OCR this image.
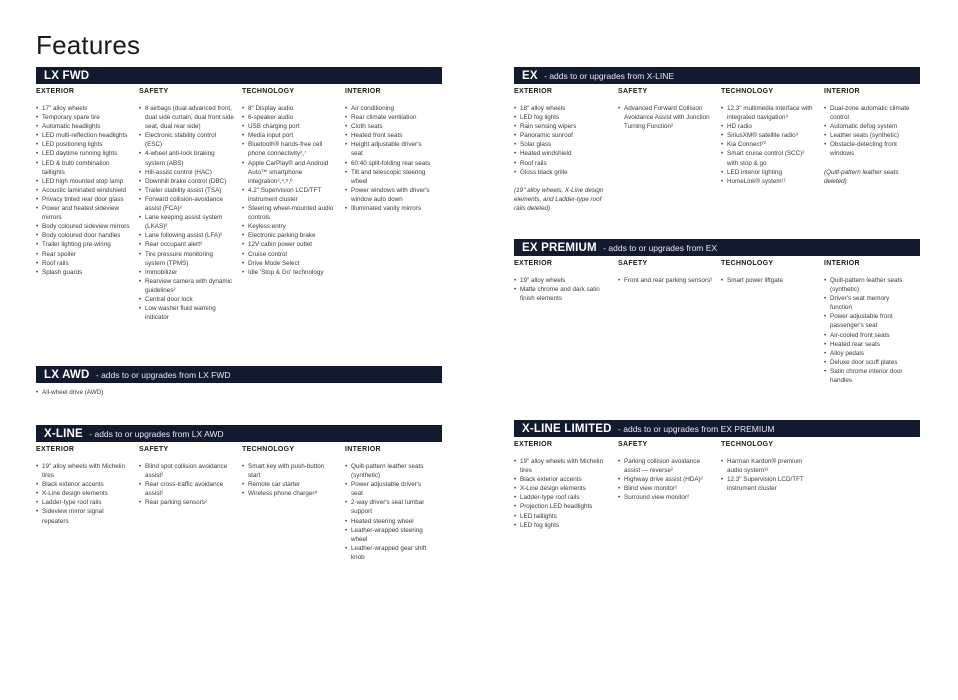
Features
LX FWD
EXTERIOR
• 17" alloy wheels
• Temporary spare tire
• Automatic headlights
• LED multi-reflection headlights
• LED positioning lights
• LED daytime running lights
• LED & bulb combination taillights
• LED high mounted stop lamp
• Acoustic laminated windshield
• Privacy tinted rear door glass
• Power and heated sideview mirrors
• Body coloured sideview mirrors
• Body coloured door handles
• Trailer lighting pre-wiring
• Rear spoiler
• Roof rails
• Splash guards
SAFETY
• 8 airbags (dual advanced front, dual side curtain, dual front side seat, dual rear side)
• Electronic stability control (ESC)
• 4-wheel anti-lock braking system (ABS)
• Hill-assist control (HAC)
• Downhill brake control (DBC)
• Trailer stability assist (TSA)
• Forward collision-avoidance assist (FCA)²
• Lane keeping assist system (LKAS)²
• Lane following assist (LFA)²
• Rear occupant alert²
• Tire pressure monitoring system (TPMS)
• Immobilizer
• Rearview camera with dynamic guidelines²
• Central door lock
• Low washer fluid warning indicator
TECHNOLOGY
• 8" Display audio
• 6-speaker audio
• USB charging port
• Media input port
• Bluetooth® hands-free cell phone connectivity²,⁷
• Apple CarPlay® and Android Auto™ smartphone integration³,⁴,⁵,⁶
• 4.2" Supervision LCD/TFT instrument cluster
• Steering wheel-mounted audio controls
• Keyless entry
• Electronic parking brake
• 12V cabin power outlet
• Cruise control
• Drive Mode Select
• Idle 'Stop & Go' technology
INTERIOR
• Air conditioning
• Rear climate ventilation
• Cloth seats
• Heated front seats
• Height adjustable driver's seat
• 60:40 split-folding rear seats
• Tilt and telescopic steering wheel
• Power windows with driver's window auto down
• Illuminated vanity mirrors
LX AWD - adds to or upgrades from LX FWD
• All-wheel drive (AWD)
X-LINE - adds to or upgrades from LX AWD
EXTERIOR
• 19" alloy wheels with Michelin tires
• Black exterior accents
• X-Line design elements
• Ladder-type roof rails
• Sideview mirror signal repeaters
SAFETY
• Blind spot collision avoidance assist²
• Rear cross-traffic avoidance assist²
• Rear parking sensors²
TECHNOLOGY
• Smart key with push-button start
• Remote car starter
• Wireless phone charger⁸
INTERIOR
• Quilt-pattern leather seats (synthetic)
• Power adjustable driver's seat
• 2-way driver's seat lumbar support
• Heated steering wheel
• Leather-wrapped steering wheel
• Leather-wrapped gear shift knob
EX - adds to or upgrades from X-LINE
EXTERIOR
• 18" alloy wheels
• LED fog lights
• Rain sensing wipers
• Panoramic sunroof
• Solar glass
• Heated windshield
• Roof rails
• Gloss black grille
(19" alloy wheels, X-Line design elements, and Ladder-type roof rails deleted)
SAFETY
• Advanced Forward Collision Avoidance Assist with Junction Turning Function²
TECHNOLOGY
• 12.3" multimedia interface with integrated navigation⁹
• HD radio
• SiriusXM® satellite radio⁹
• Kia Connect¹⁰
• Smart cruise control (SCC)² with stop & go
• LED interior lighting
• HomeLink® system¹¹
INTERIOR
• Dual-zone automatic climate control
• Automatic defog system
• Leather seats (synthetic)
• Obstacle-detecting front windows
(Quilt-pattern leather seats deleted)
EX PREMIUM - adds to or upgrades from EX
EXTERIOR
• 19" alloy wheels
• Matte chrome and dark satin finish elements
SAFETY
• Front and rear parking sensors²
TECHNOLOGY
• Smart power liftgate
INTERIOR
• Quilt-pattern leather seats (synthetic)
• Driver's seat memory function
• Power adjustable front passenger's seat
• Air-cooled front seats
• Heated rear seats
• Alloy pedals
• Deluxe door scuff plates
• Satin chrome interior door handles
X-LINE LIMITED - adds to or upgrades from EX PREMIUM
EXTERIOR
• 19" alloy wheels with Michelin tires
• Black exterior accents
• X-Line design elements
• Ladder-type roof rails
• Projection LED headlights
• LED taillights
• LED fog lights
SAFETY
• Parking collision avoidance assist — reverse²
• Highway drive assist (HDA)²
• Blind view monitor²
• Surround view monitor²
TECHNOLOGY
• Harman Kardon® premium audio system¹²
• 12.3" Supervision LCD/TFT instrument cluster
